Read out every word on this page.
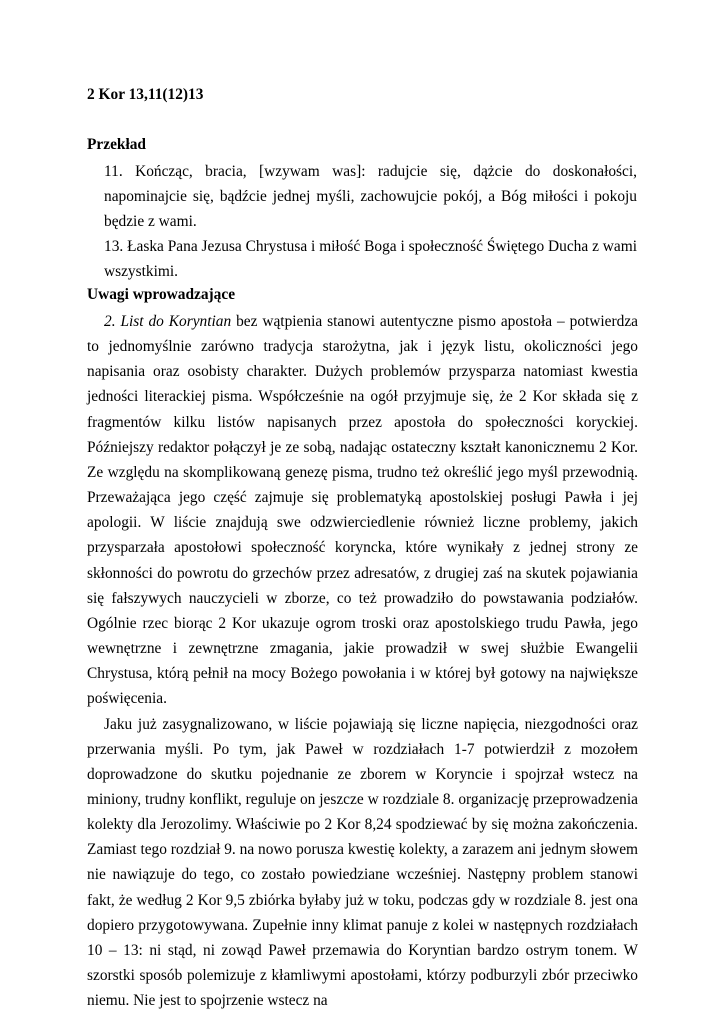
2 Kor 13,11(12)13
Przekład

11. Kończąc, bracia, [wzywam was]: radujcie się, dążcie do doskonałości, napominajcie się, bądźcie jednej myśli, zachowujcie pokój, a Bóg miłości i pokoju będzie z wami.

13. Łaska Pana Jezusa Chrystusa i miłość Boga i społeczność Świętego Ducha z wami wszystkimi.

Uwagi wprowadzające

2. List do Koryntian bez wątpienia stanowi autentyczne pismo apostoła – potwierdza to jednomyślnie zarówno tradycja starożytna, jak i język listu, okoliczności jego napisania oraz osobisty charakter. Dużych problemów przysparza natomiast kwestia jedności literackiej pisma. Współcześnie na ogół przyjmuje się, że 2 Kor składa się z fragmentów kilku listów napisanych przez apostoła do społeczności koryckiej. Późniejszy redaktor połączył je ze sobą, nadając ostateczny kształt kanonicznemu 2 Kor. Ze względu na skomplikowaną genezę pisma, trudno też określić jego myśl przewodnią. Przeważająca jego część zajmuje się problematyką apostolskiej posługi Pawła i jej apologii. W liście znajdują swe odzwierciedlenie również liczne problemy, jakich przysparzała apostołowi społeczność koryncka, które wynikały z jednej strony ze skłonności do powrotu do grzechów przez adresatów, z drugiej zaś na skutek pojawiania się fałszywych nauczycieli w zborze, co też prowadziło do powstawania podziałów. Ogólnie rzec biorąc 2 Kor ukazuje ogrom troski oraz apostolskiego trudu Pawła, jego wewnętrzne i zewnętrzne zmagania, jakie prowadził w swej służbie Ewangelii Chrystusa, którą pełnił na mocy Bożego powołania i w której był gotowy na największe poświęcenia.

Jaku już zasygnalizowano, w liście pojawiają się liczne napięcia, niezgodności oraz przerwania myśli. Po tym, jak Paweł w rozdziałach 1-7 potwierdził z mozołem doprowadzone do skutku pojednanie ze zborem w Koryncie i spojrzał wstecz na miniony, trudny konflikt, reguluje on jeszcze w rozdziale 8. organizację przeprowadzenia kolekty dla Jerozolimy. Właściwie po 2 Kor 8,24 spodziewać by się można zakończenia. Zamiast tego rozdział 9. na nowo porusza kwestię kolekty, a zarazem ani jednym słowem nie nawiązuje do tego, co zostało powiedziane wcześniej. Następny problem stanowi fakt, że według 2 Kor 9,5 zbiórka byłaby już w toku, podczas gdy w rozdziale 8. jest ona dopiero przygotowywana. Zupełnie inny klimat panuje z kolei w następnych rozdziałach 10 – 13: ni stąd, ni zowąd Paweł przemawia do Koryntian bardzo ostrym tonem. W szorstki sposób polemizuje z kłamliwymi apostołami, którzy podburzyli zbór przeciwko niemu. Nie jest to spojrzenie wstecz na
